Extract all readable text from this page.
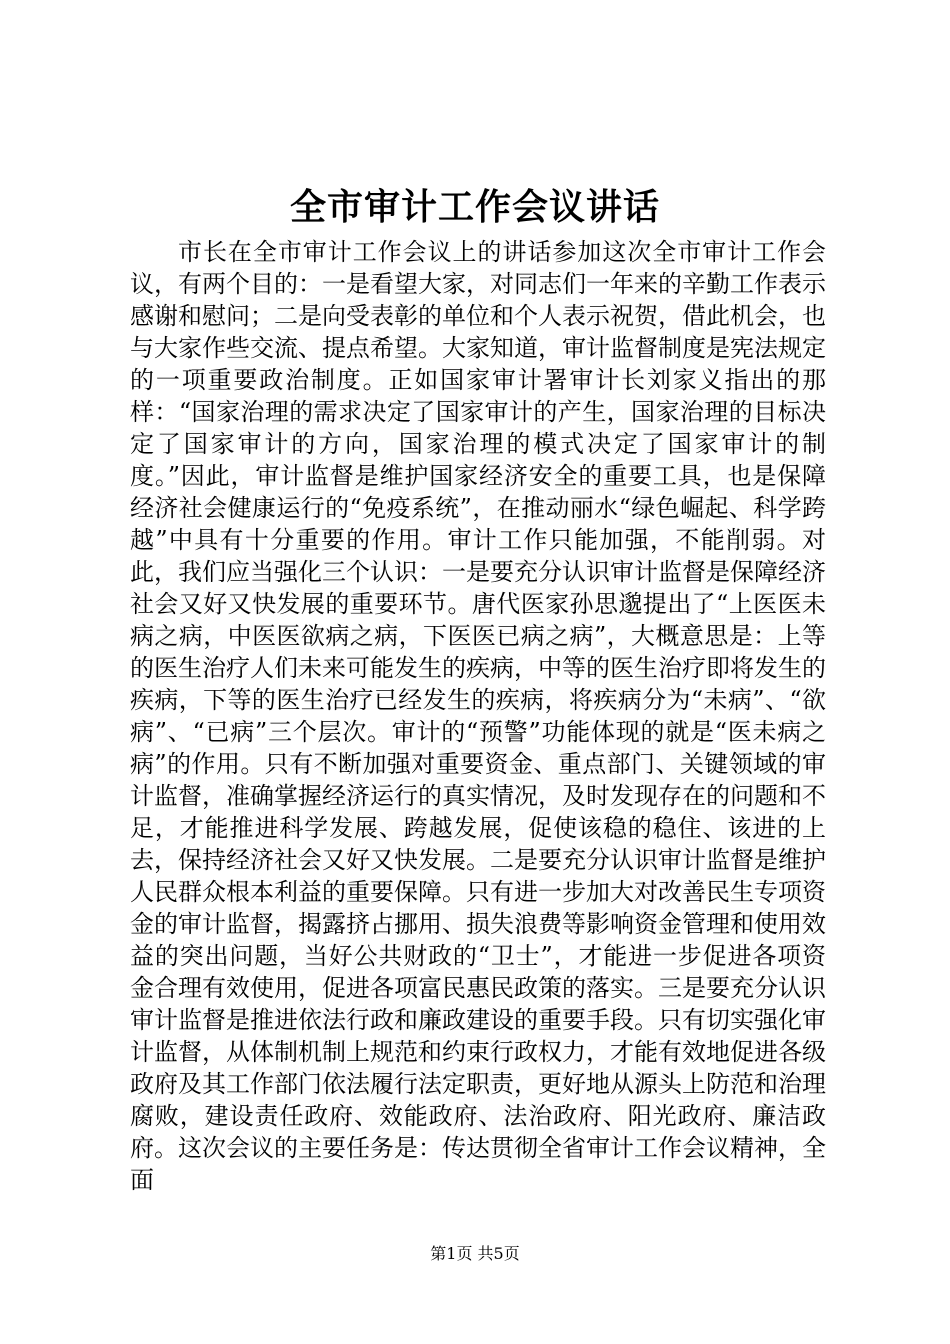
全市审计工作会议讲话

市长在全市审计工作会议上的讲话参加这次全市审计工作会议，有两个目的：一是看望大家，对同志们一年来的辛勤工作表示感谢和慰问；二是向受表彰的单位和个人表示祝贺，借此机会，也与大家作些交流、提点希望。大家知道，审计监督制度是宪法规定的一项重要政治制度。正如国家审计署审计长刘家义指出的那样：“国家治理的需求决定了国家审计的产生，国家治理的目标决定了国家审计的方向，国家治理的模式决定了国家审计的制度。”因此，审计监督是维护国家经济安全的重要工具，也是保障经济社会健康运行的“免疫系统”，在推动丽水“绿色崛起、科学跨越”中具有十分重要的作用。审计工作只能加强，不能削弱。对此，我们应当强化三个认识：一是要充分认识审计监督是保障经济社会又好又快发展的重要环节。唐代医家孙思邈提出了“上医医未病之病，中医医欲病之病，下医医已病之病”，大概意思是：上等的医生治疗人们未来可能发生的疾病，中等的医生治疗即将发生的疾病，下等的医生治疗已经发生的疾病，将疾病分为“未病”、“欲病”、“已病”三个层次。审计的“预警”功能体现的就是“医未病之病”的作用。只有不断加强对重要资金、重点部门、关键领域的审计监督，准确掌握经济运行的真实情况，及时发现存在的问题和不足，才能推进科学发展、跨越发展，促使该稳的稳住、该进的上去，保持经济社会又好又快发展。二是要充分认识审计监督是维护人民群众根本利益的重要保障。只有进一步加大对改善民生专项资金的审计监督，揭露挤占挪用、损失浪费等影响资金管理和使用效益的突出问题，当好公共财政的“卫士”，才能进一步促进各项资金合理有效使用，促进各项富民惠民政策的落实。三是要充分认识审计监督是推进依法行政和廉政建设的重要手段。只有切实强化审计监督，从体制机制上规范和约束行政权力，才能有效地促进各级政府及其工作部门依法履行法定职责，更好地从源头上防范和治理腐败，建设责任政府、效能政府、法治政府、阳光政府、廉洁政府。这次会议的主要任务是：传达贯彻全省审计工作会议精神，全面

第1页 共5页
